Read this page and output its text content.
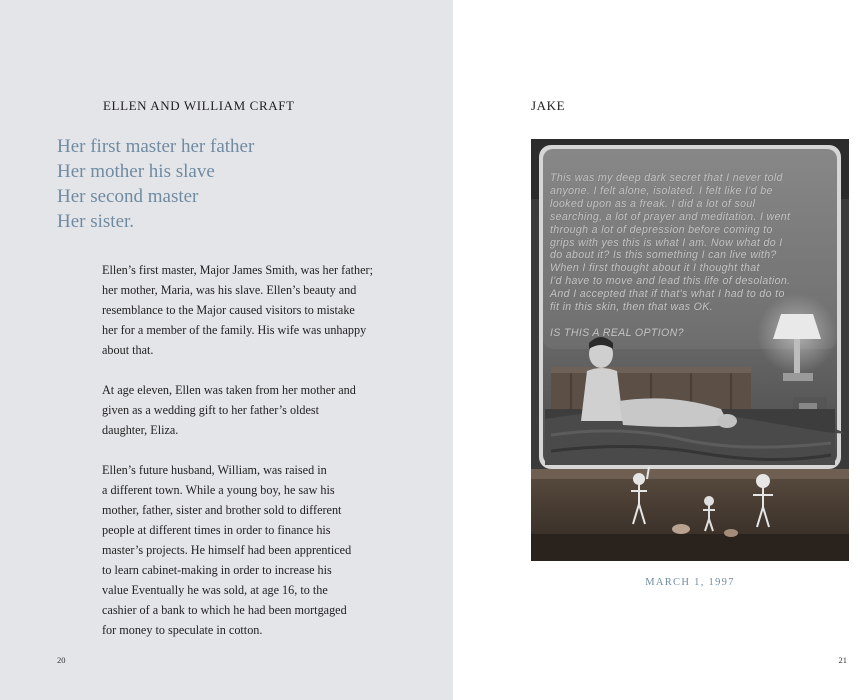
ELLEN AND WILLIAM CRAFT
Her first master her father
Her mother his slave
Her second master
Her sister.

Ellen’s first master, Major James Smith, was her father;
her mother, Maria, was his slave. Ellen’s beauty and
resemblance to the Major caused visitors to mistake
her for a member of the family. His wife was unhappy
about that.

At age eleven, Ellen was taken from her mother and
given as a wedding gift to her father’s oldest
daughter, Eliza.

Ellen’s future husband, William, was raised in
a different town. While a young boy, he saw his
mother, father, sister and brother sold to different
people at different times in order to finance his
master’s projects. He himself had been apprenticed
to learn cabinet-making in order to increase his
value Eventually he was sold, at age 16, to the
cashier of a bank to which he had been mortgaged
for money to speculate in cotton.

20
JAKE
This was my deep dark secret that I never told
anyone. I felt alone, isolated. I felt like I'd be
looked upon as a freak. I did a lot of soul
searching, a lot of prayer and meditation. I went
through a lot of depression before coming to
grips with yes this is what I am. Now what do I
do about it? Is this something I can live with?
When I first thought about it I thought that
I'd have to move and lead this life of desolation.
And I accepted that if that's what I had to do to
fit in this skin, then that was OK.
IS THIS A REAL OPTION?
MARCH 1, 1997
21
